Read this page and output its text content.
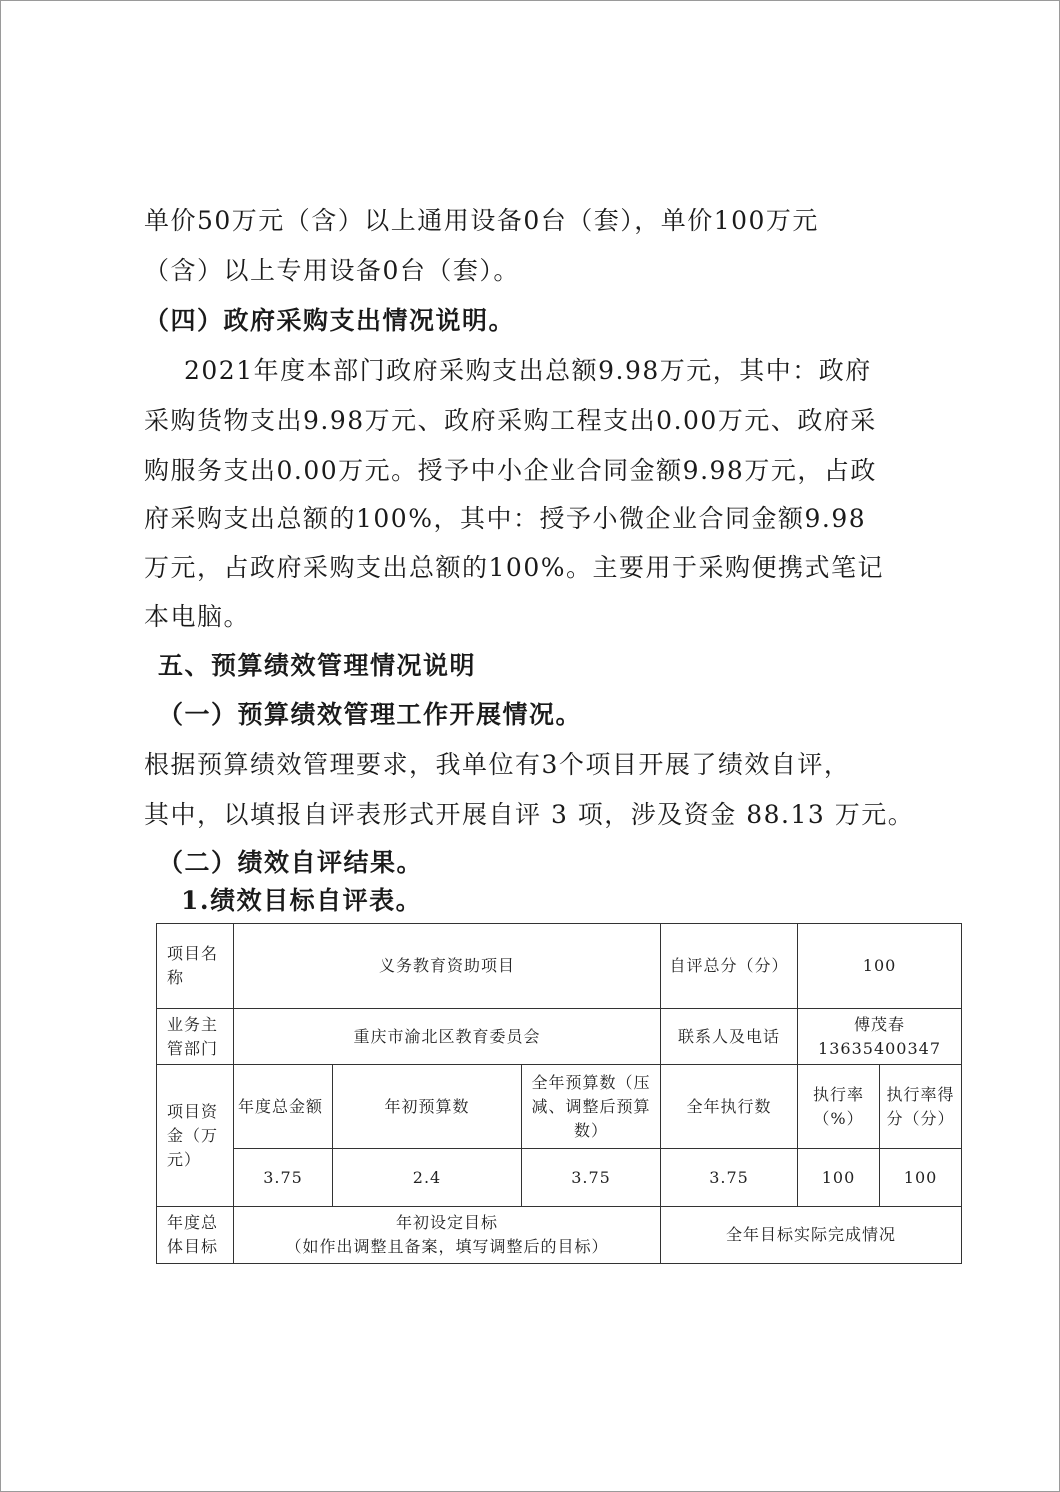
单价50万元（含）以上通用设备0台（套），单价100万元
（含）以上专用设备0台（套）。
（四）政府采购支出情况说明。
2021年度本部门政府采购支出总额9.98万元，其中：政府
采购货物支出9.98万元、政府采购工程支出0.00万元、政府采
购服务支出0.00万元。授予中小企业合同金额9.98万元，占政
府采购支出总额的100%，其中：授予小微企业合同金额9.98
万元，占政府采购支出总额的100%。主要用于采购便携式笔记
本电脑。
五、预算绩效管理情况说明
（一）预算绩效管理工作开展情况。
根据预算绩效管理要求，我单位有3个项目开展了绩效自评，
其中，以填报自评表形式开展自评 3 项，涉及资金 88.13 万元。
（二）绩效自评结果。
1.绩效目标自评表。
项目名称	义务教育资助项目			自评总分（分）	100	
业务主管部门	重庆市渝北区教育委员会			联系人及电话	傅茂春 13635400347	
项目资金（万元）	年度总金额	年初预算数	全年预算数（压减、调整后预算数）	全年执行数	执行率（%）	执行率得分（分）
	3.75	2.4	3.75	3.75	100	100
年度总体目标	年初设定目标
（如作出调整且备案，填写调整后的目标）			全年目标实际完成情况		
